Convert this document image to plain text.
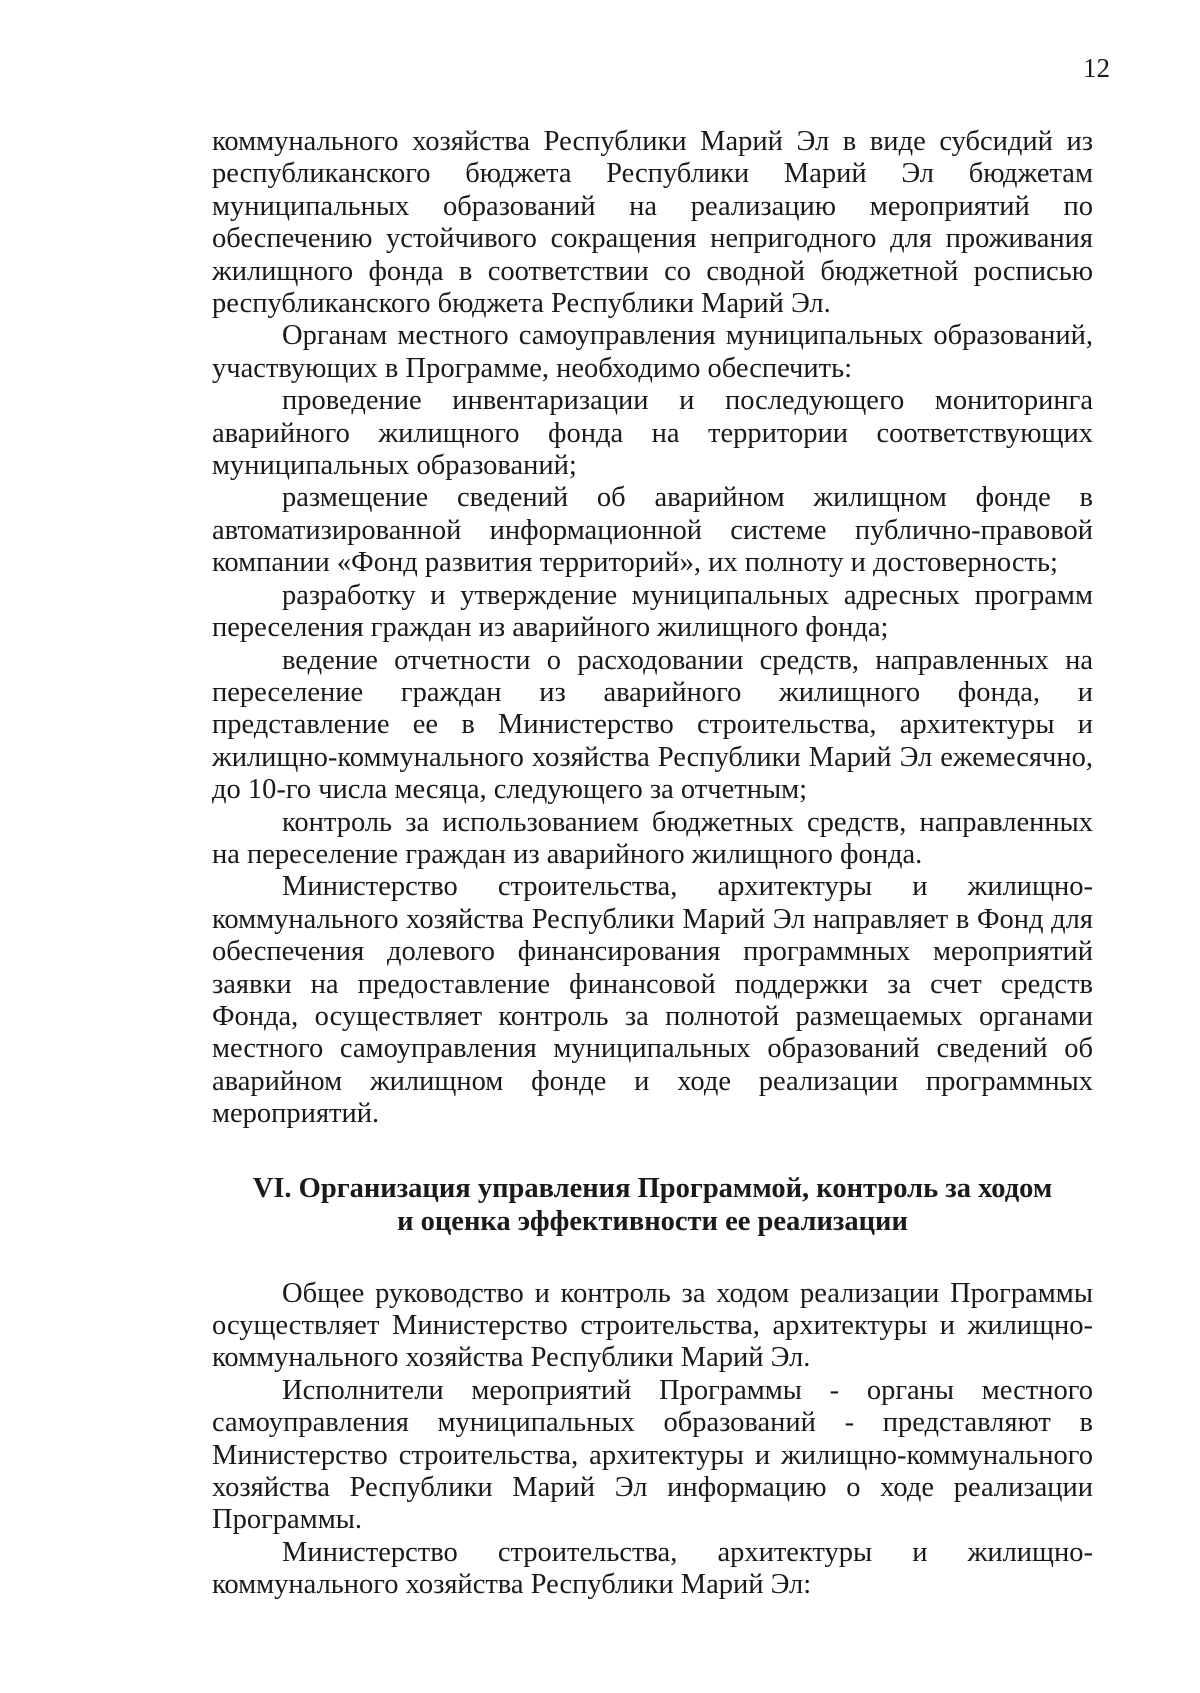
12

коммунального хозяйства Республики Марий Эл в виде субсидий из республиканского бюджета Республики Марий Эл бюджетам муниципальных образований на реализацию мероприятий по обеспечению устойчивого сокращения непригодного для проживания жилищного фонда в соответствии со сводной бюджетной росписью республиканского бюджета Республики Марий Эл.

Органам местного самоуправления муниципальных образований, участвующих в Программе, необходимо обеспечить:

проведение инвентаризации и последующего мониторинга аварийного жилищного фонда на территории соответствующих муниципальных образований;

размещение сведений об аварийном жилищном фонде в автоматизированной информационной системе публично-правовой компании «Фонд развития территорий», их полноту и достоверность;

разработку и утверждение муниципальных адресных программ переселения граждан из аварийного жилищного фонда;

ведение отчетности о расходовании средств, направленных на переселение граждан из аварийного жилищного фонда, и представление ее в Министерство строительства, архитектуры и жилищно-коммунального хозяйства Республики Марий Эл ежемесячно, до 10-го числа месяца, следующего за отчетным;

контроль за использованием бюджетных средств, направленных на переселение граждан из аварийного жилищного фонда.

Министерство строительства, архитектуры и жилищно-коммунального хозяйства Республики Марий Эл направляет в Фонд для обеспечения долевого финансирования программных мероприятий заявки на предоставление финансовой поддержки за счет средств Фонда, осуществляет контроль за полнотой размещаемых органами местного самоуправления муниципальных образований сведений об аварийном жилищном фонде и ходе реализации программных мероприятий.

VI. Организация управления Программой, контроль за ходом
и оценка эффективности ее реализации

Общее руководство и контроль за ходом реализации Программы осуществляет Министерство строительства, архитектуры и жилищно-коммунального хозяйства Республики Марий Эл.

Исполнители мероприятий Программы - органы местного самоуправления муниципальных образований - представляют в Министерство строительства, архитектуры и жилищно-коммунального хозяйства Республики Марий Эл информацию о ходе реализации Программы.

Министерство строительства, архитектуры и жилищно-коммунального хозяйства Республики Марий Эл:
